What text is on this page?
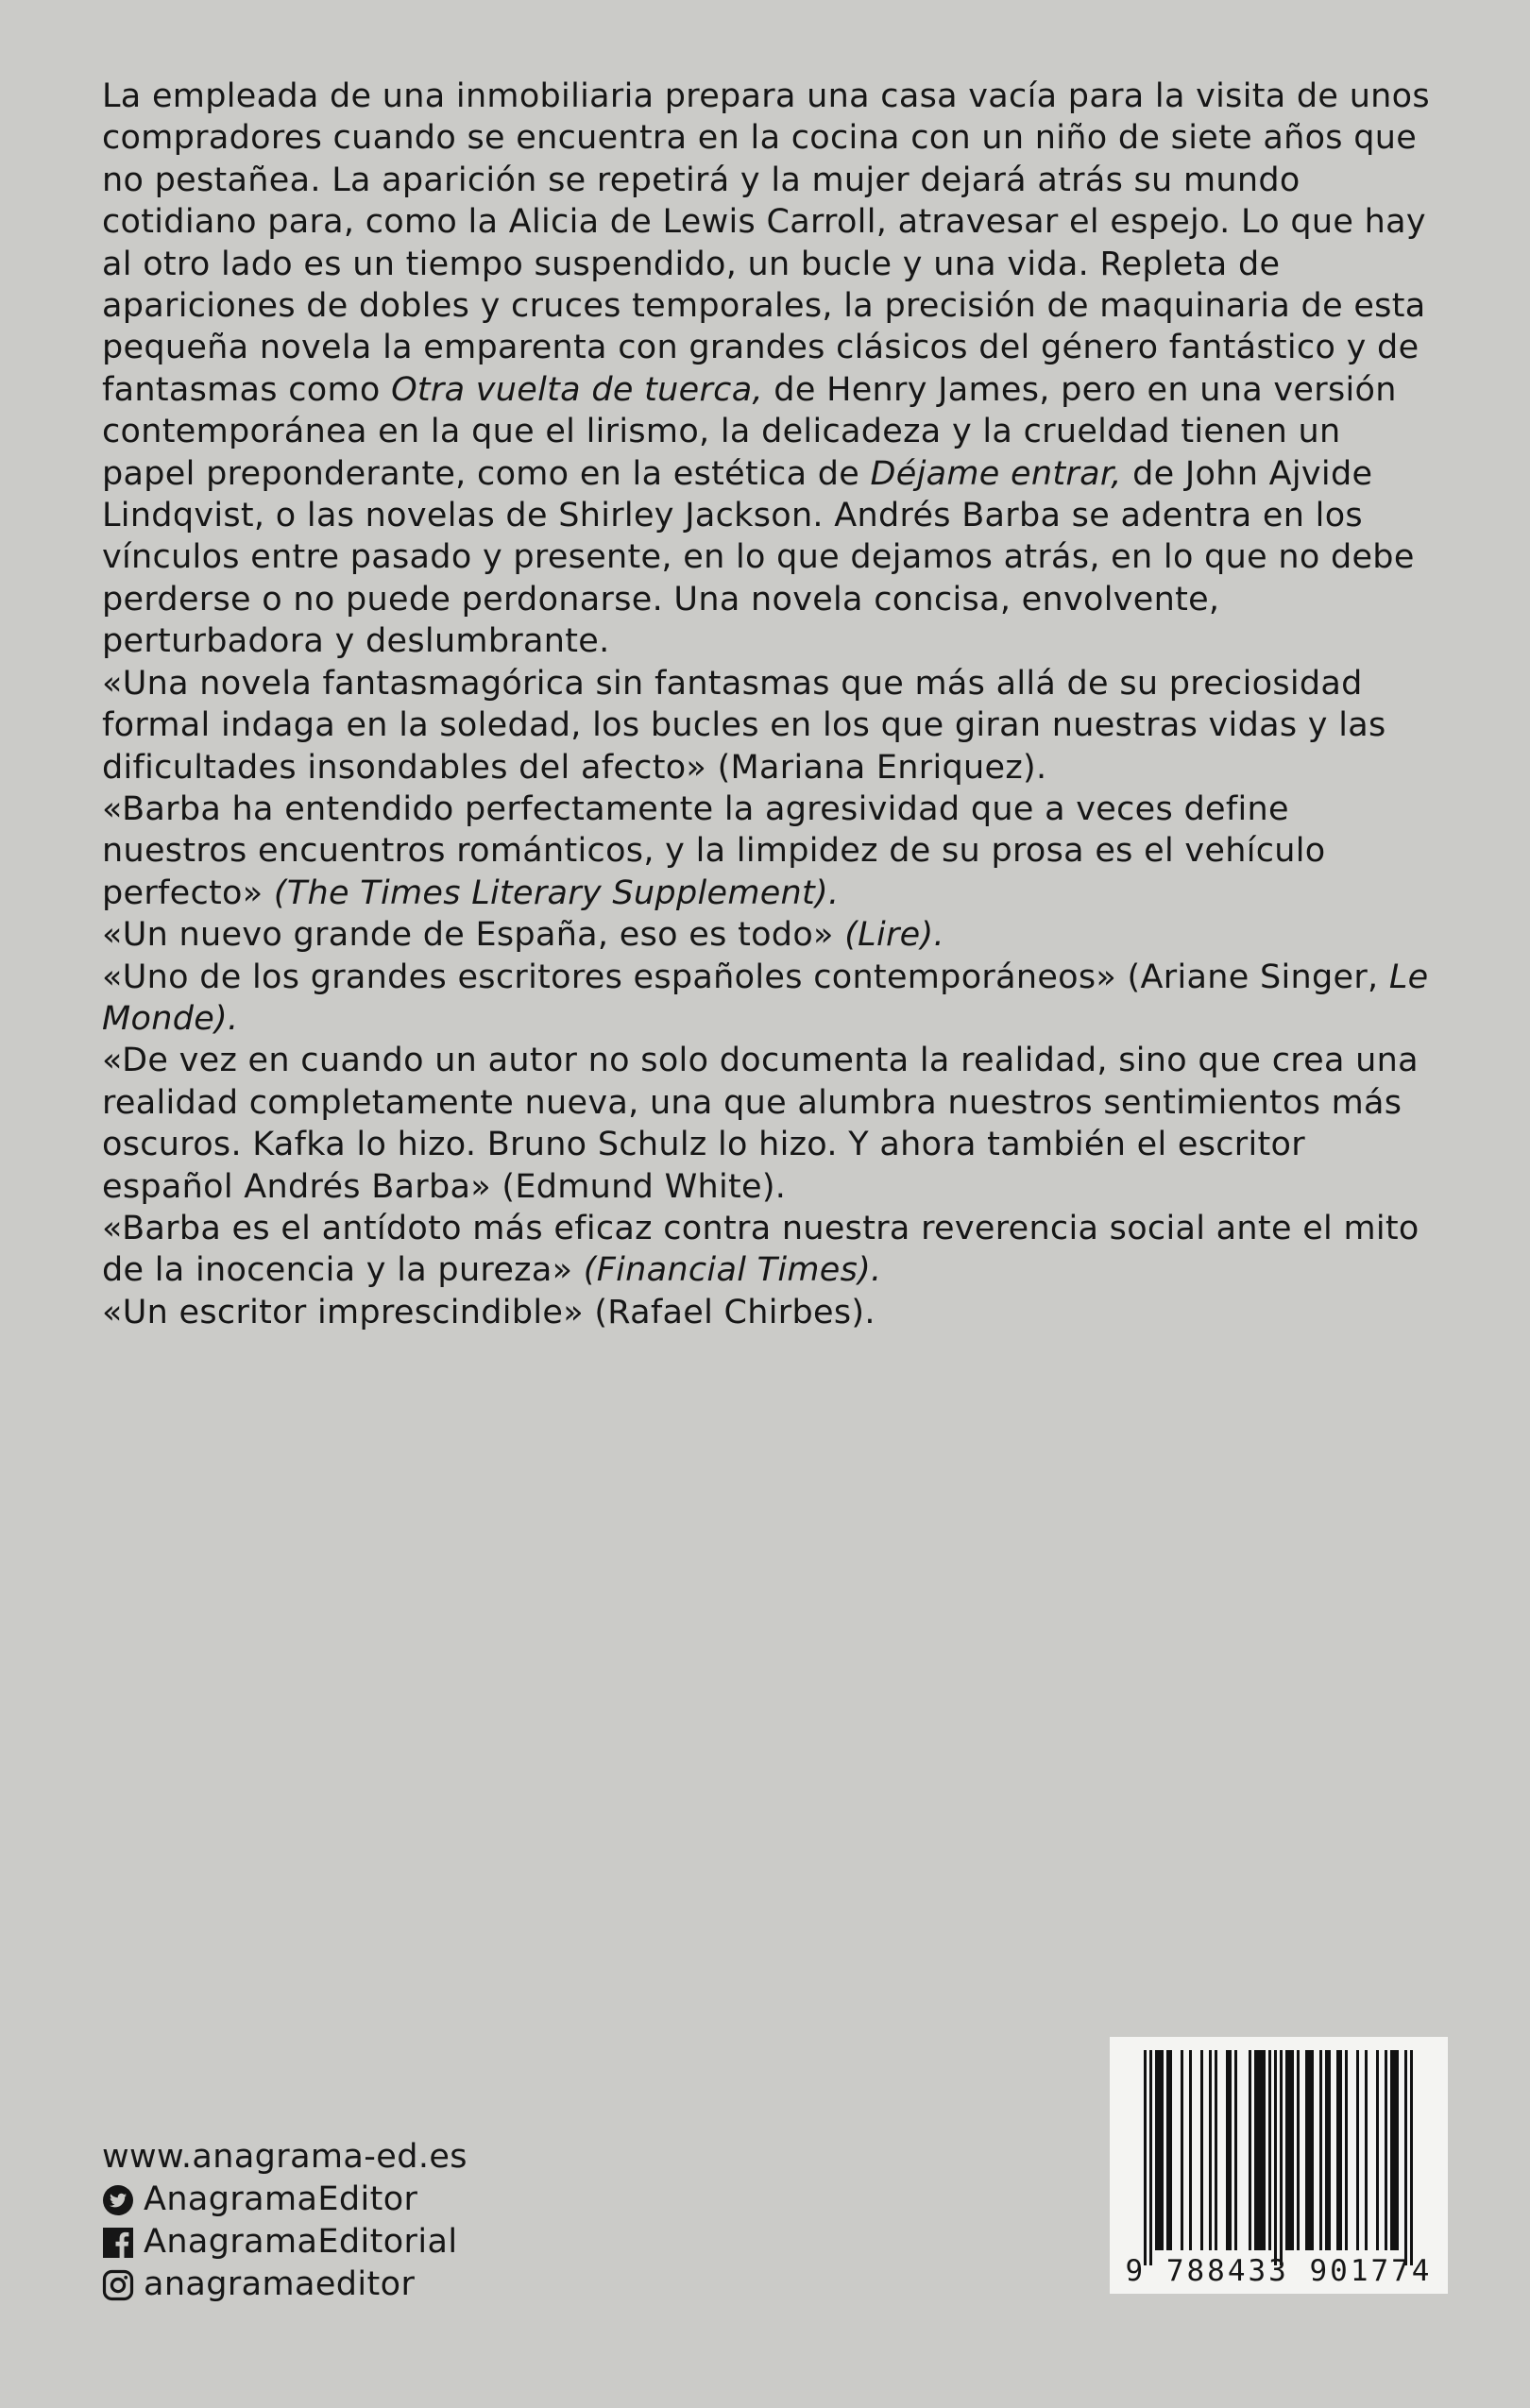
La empleada de una inmobiliaria prepara una casa vacía para la visita de unos compradores cuando se encuentra en la cocina con un niño de siete años que no pestañea. La aparición se repetirá y la mujer dejará atrás su mundo cotidiano para, como la Alicia de Lewis Carroll, atravesar el espejo. Lo que hay al otro lado es un tiempo suspendido, un bucle y una vida. Repleta de apariciones de dobles y cruces temporales, la precisión de maquinaria de esta pequeña novela la emparenta con grandes clásicos del género fantástico y de fantasmas como Otra vuelta de tuerca, de Henry James, pero en una versión contemporánea en la que el lirismo, la delicadeza y la crueldad tienen un papel preponderante, como en la estética de Déjame entrar, de John Ajvide Lindqvist, o las novelas de Shirley Jackson. Andrés Barba se adentra en los vínculos entre pasado y presente, en lo que dejamos atrás, en lo que no debe perderse o no puede perdonarse. Una novela concisa, envolvente, perturbadora y deslumbrante.

«Una novela fantasmagórica sin fantasmas que más allá de su preciosidad formal indaga en la soledad, los bucles en los que giran nuestras vidas y las dificultades insondables del afecto» (Mariana Enriquez).

«Barba ha entendido perfectamente la agresividad que a veces define nuestros encuentros románticos, y la limpidez de su prosa es el vehículo perfecto» (The Times Literary Supplement).

«Un nuevo grande de España, eso es todo» (Lire).

«Uno de los grandes escritores españoles contemporáneos» (Ariane Singer, Le Monde).

«De vez en cuando un autor no solo documenta la realidad, sino que crea una realidad completamente nueva, una que alumbra nuestros sentimientos más oscuros. Kafka lo hizo. Bruno Schulz lo hizo. Y ahora también el escritor español Andrés Barba» (Edmund White).

«Barba es el antídoto más eficaz contra nuestra reverencia social ante el mito de la inocencia y la pureza» (Financial Times).

«Un escritor imprescindible» (Rafael Chirbes).

www.anagrama-ed.es
AnagramaEditor
AnagramaEditorial
anagramaeditor	9 788433 901774
